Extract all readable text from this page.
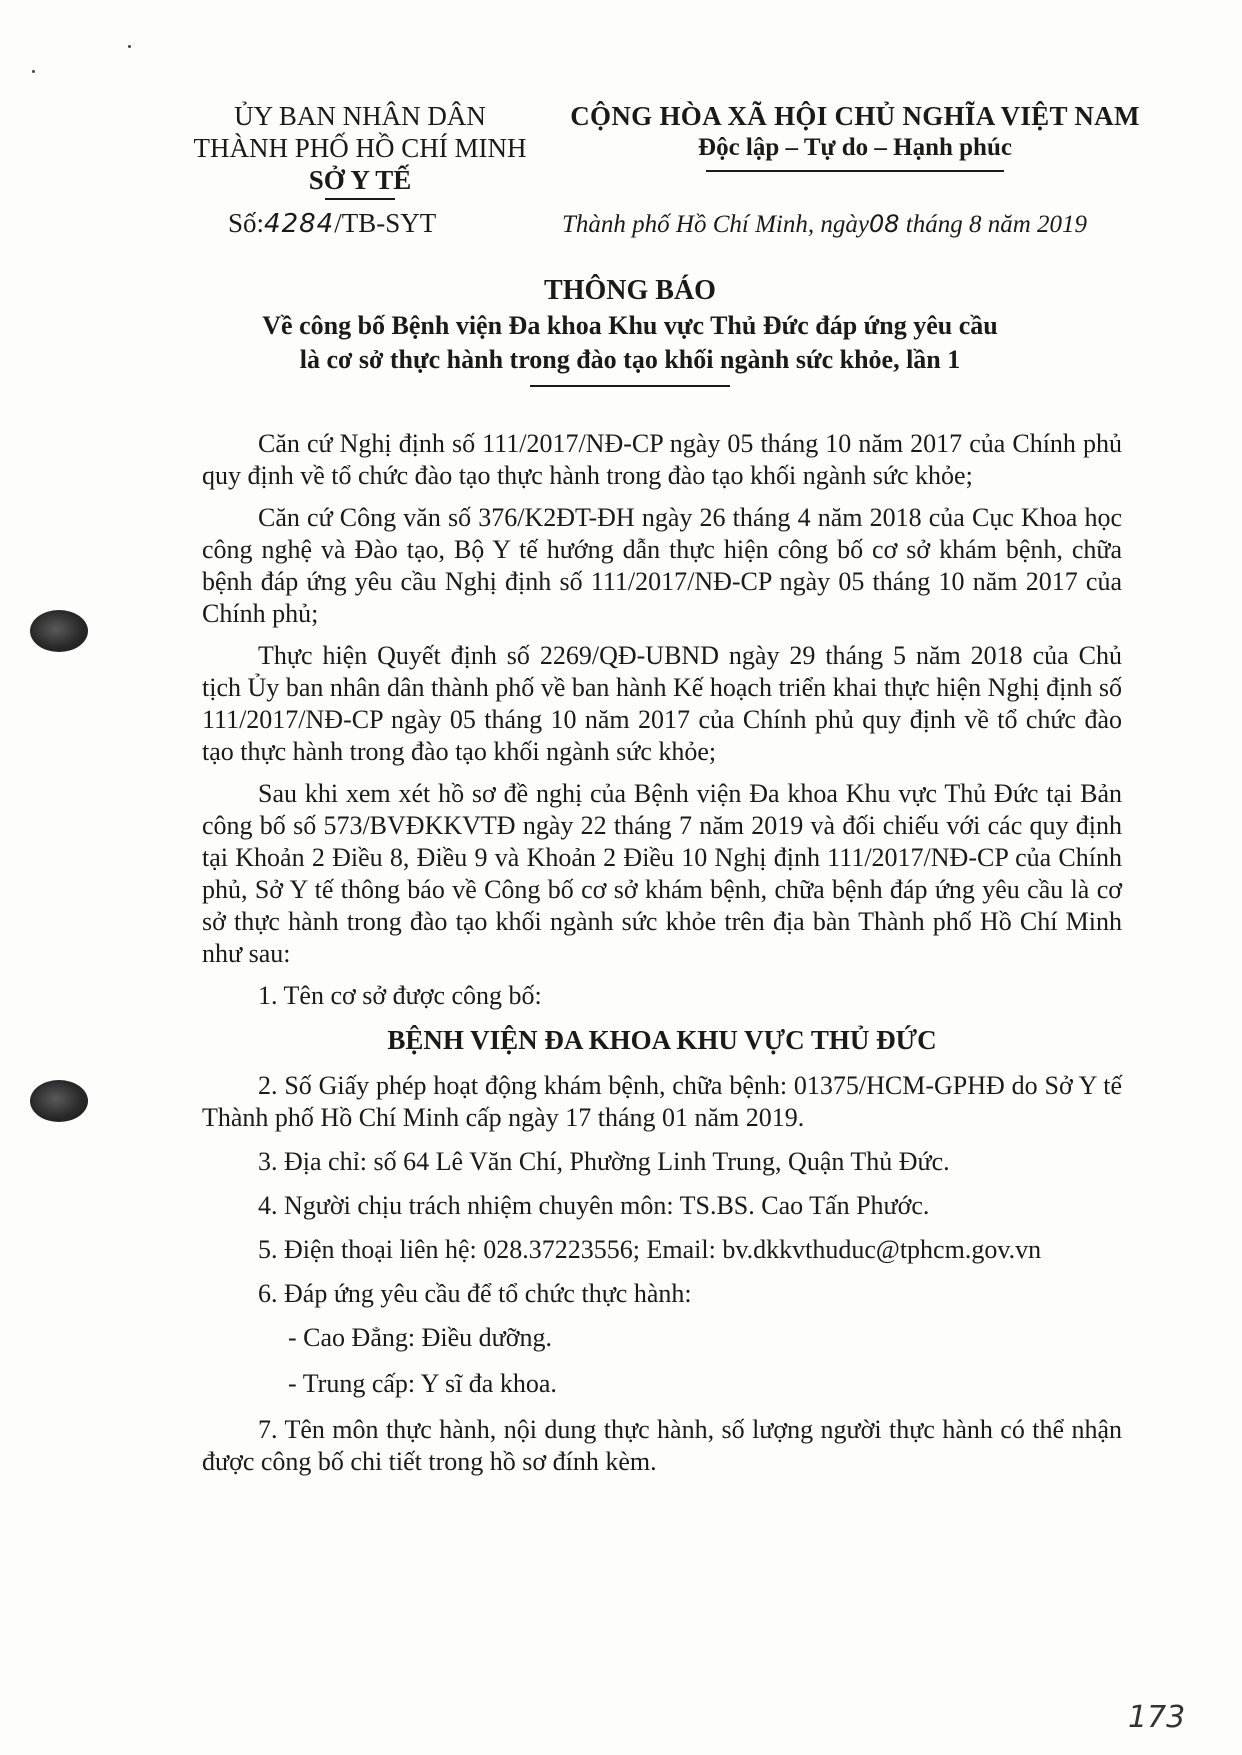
ỦY BAN NHÂN DÂN
THÀNH PHỐ HỒ CHÍ MINH
SỞ Y TẾ
Số:4284/TB-SYT
CỘNG HÒA XÃ HỘI CHỦ NGHĨA VIỆT NAM
Độc lập – Tự do – Hạnh phúc
Thành phố Hồ Chí Minh, ngày08 tháng 8 năm 2019
THÔNG BÁO
Về công bố Bệnh viện Đa khoa Khu vực Thủ Đức đáp ứng yêu cầu
là cơ sở thực hành trong đào tạo khối ngành sức khỏe, lần 1

Căn cứ Nghị định số 111/2017/NĐ-CP ngày 05 tháng 10 năm 2017 của Chính phủ quy định về tổ chức đào tạo thực hành trong đào tạo khối ngành sức khỏe;

Căn cứ Công văn số 376/K2ĐT-ĐH ngày 26 tháng 4 năm 2018 của Cục Khoa học công nghệ và Đào tạo, Bộ Y tế hướng dẫn thực hiện công bố cơ sở khám bệnh, chữa bệnh đáp ứng yêu cầu Nghị định số 111/2017/NĐ-CP ngày 05 tháng 10 năm 2017 của Chính phủ;

Thực hiện Quyết định số 2269/QĐ-UBND ngày 29 tháng 5 năm 2018 của Chủ tịch Ủy ban nhân dân thành phố về ban hành Kế hoạch triển khai thực hiện Nghị định số 111/2017/NĐ-CP ngày 05 tháng 10 năm 2017 của Chính phủ quy định về tổ chức đào tạo thực hành trong đào tạo khối ngành sức khỏe;

Sau khi xem xét hồ sơ đề nghị của Bệnh viện Đa khoa Khu vực Thủ Đức tại Bản công bố số 573/BVĐKKVTĐ ngày 22 tháng 7 năm 2019 và đối chiếu với các quy định tại Khoản 2 Điều 8, Điều 9 và Khoản 2 Điều 10 Nghị định 111/2017/NĐ-CP của Chính phủ, Sở Y tế thông báo về Công bố cơ sở khám bệnh, chữa bệnh đáp ứng yêu cầu là cơ sở thực hành trong đào tạo khối ngành sức khỏe trên địa bàn Thành phố Hồ Chí Minh như sau:

1. Tên cơ sở được công bố:

BỆNH VIỆN ĐA KHOA KHU VỰC THỦ ĐỨC

2. Số Giấy phép hoạt động khám bệnh, chữa bệnh: 01375/HCM-GPHĐ do Sở Y tế Thành phố Hồ Chí Minh cấp ngày 17 tháng 01 năm 2019.

3. Địa chỉ: số 64 Lê Văn Chí, Phường Linh Trung, Quận Thủ Đức.

4. Người chịu trách nhiệm chuyên môn: TS.BS. Cao Tấn Phước.

5. Điện thoại liên hệ: 028.37223556; Email: bv.dkkvthuduc@tphcm.gov.vn

6. Đáp ứng yêu cầu để tổ chức thực hành:

- Cao Đẳng: Điều dưỡng.

- Trung cấp: Y sĩ đa khoa.

7. Tên môn thực hành, nội dung thực hành, số lượng người thực hành có thể nhận được công bố chi tiết trong hồ sơ đính kèm.

173
